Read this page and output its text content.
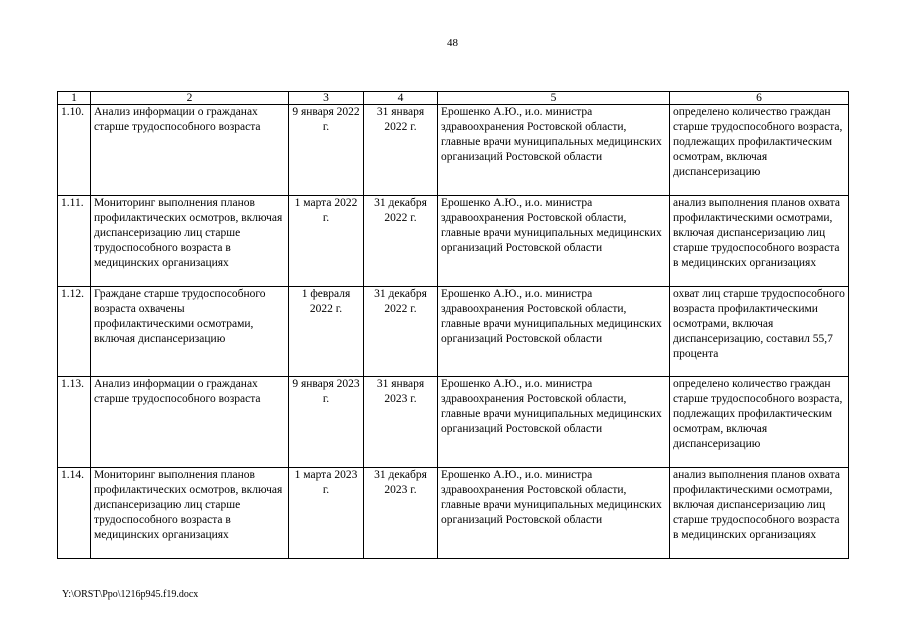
48
1	2	3	4	5	6
1.10.	Анализ информации о гражданах старше трудоспособного возраста	9 января 2022 г.	31 января 2022 г.	Ерошенко А.Ю., и.о. министра здравоохранения Ростовской области, главные врачи муниципальных медицинских организаций Ростовской области	определено количество граждан старше трудоспособного возраста, подлежащих профилактическим осмотрам, включая диспансеризацию
1.11.	Мониторинг выполнения планов профилактических осмотров, включая диспансеризацию лиц старше трудоспособного возраста в медицинских организациях	1 марта 2022 г.	31 декабря 2022 г.	Ерошенко А.Ю., и.о. министра здравоохранения Ростовской области, главные врачи муниципальных медицинских организаций Ростовской области	анализ выполнения планов охвата профилактическими осмотрами, включая диспансеризацию лиц старше трудоспособного возраста в медицинских организациях
1.12.	Граждане старше трудоспособного возраста охвачены профилактическими осмотрами, включая диспансеризацию	1 февраля 2022 г.	31 декабря 2022 г.	Ерошенко А.Ю., и.о. министра здравоохранения Ростовской области, главные врачи муниципальных медицинских организаций Ростовской области	охват лиц старше трудоспособного возраста профилактическими осмотрами, включая диспансеризацию, составил 55,7 процента
1.13.	Анализ информации о гражданах старше трудоспособного возраста	9 января 2023 г.	31 января 2023 г.	Ерошенко А.Ю., и.о. министра здравоохранения Ростовской области, главные врачи муниципальных медицинских организаций Ростовской области	определено количество граждан старше трудоспособного возраста, подлежащих профилактическим осмотрам, включая диспансеризацию
1.14.	Мониторинг выполнения планов профилактических осмотров, включая диспансеризацию лиц старше трудоспособного возраста в медицинских организациях	1 марта 2023 г.	31 декабря 2023 г.	Ерошенко А.Ю., и.о. министра здравоохранения Ростовской области, главные врачи муниципальных медицинских организаций Ростовской области	анализ выполнения планов охвата профилактическими осмотрами, включая диспансеризацию лиц старше трудоспособного возраста в медицинских организациях
Y:\ORST\Ppo\1216p945.f19.docx
